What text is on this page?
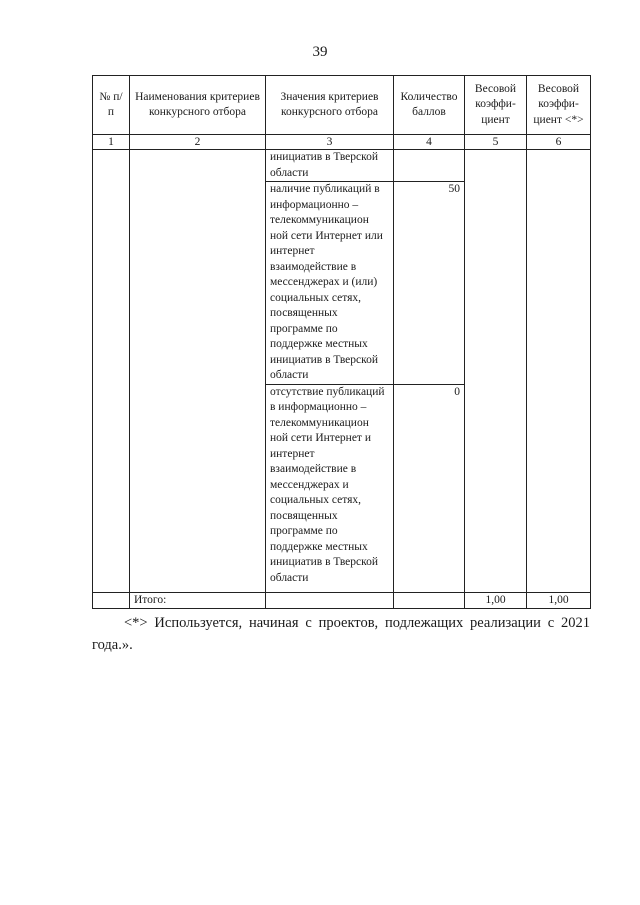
39
№ п/п	Наименования критериев конкурсного отбора	Значения критериев конкурсного отбора	Количество баллов	Весовой коэффи-циент	Весовой коэффи-циент <*>
1	2	3	4	5	6
		инициатив в Тверской области			
		наличие публикаций в информационно – телекоммуникацион ной сети Интернет или интернет взаимодействие в мессенджерах и (или) социальных сетях, посвященных программе по поддержке местных инициатив в Тверской области	50		
		отсутствие публикаций в информационно – телекоммуникацион ной сети Интернет и интернет взаимодействие в мессенджерах и социальных сетях, посвященных программе по поддержке местных инициатив в Тверской области	0		
	Итого:			1,00	1,00
<*> Используется, начиная с проектов, подлежащих реализации с 2021 года.».
